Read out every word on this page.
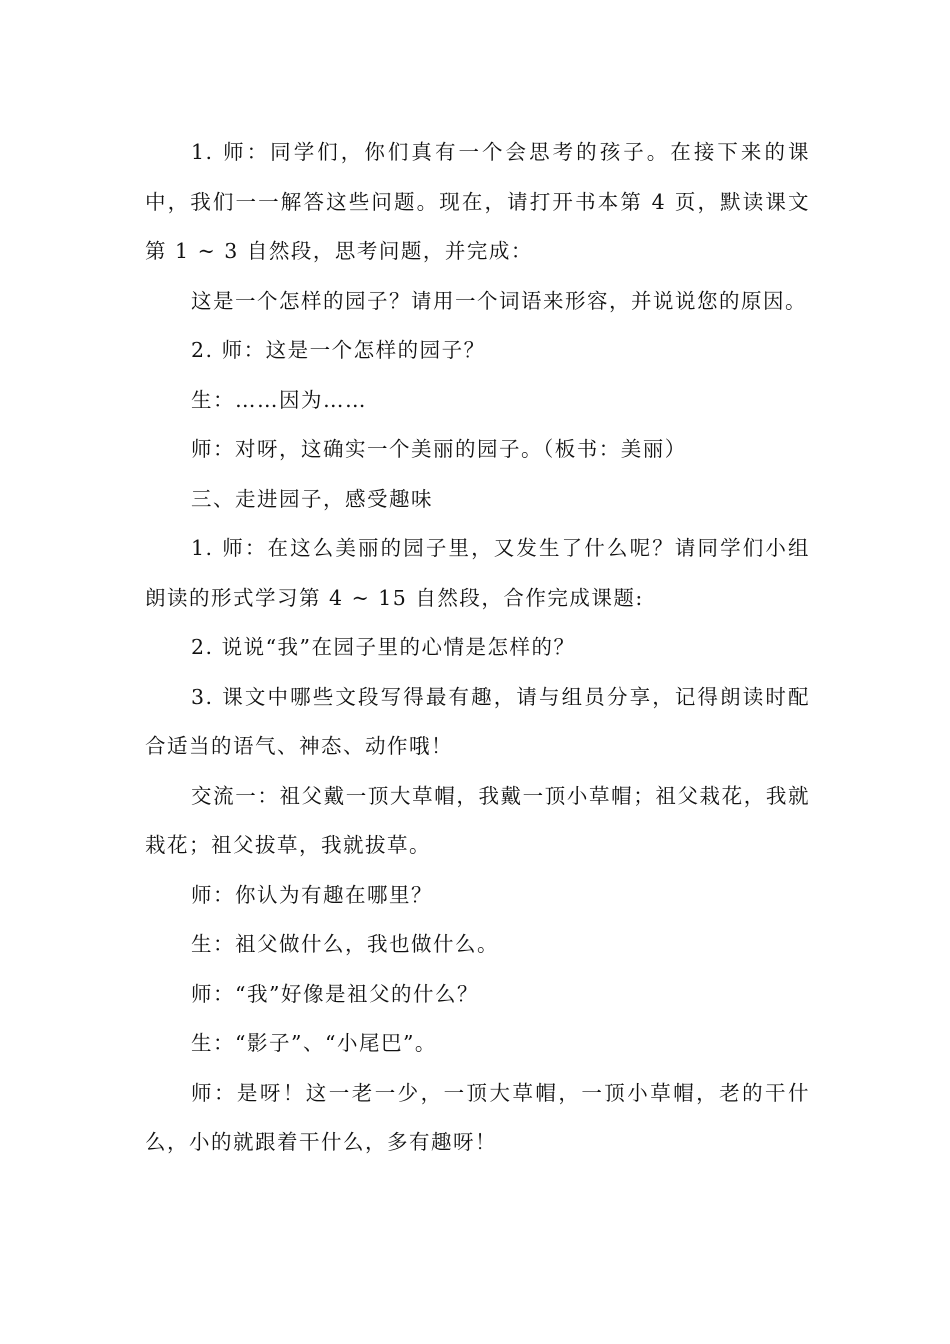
1. 师：同学们，你们真有一个会思考的孩子。在接下来的课中，我们一一解答这些问题。现在，请打开书本第 4 页，默读课文第 1 ~ 3 自然段，思考问题，并完成：

这是一个怎样的园子？请用一个词语来形容，并说说您的原因。

2. 师：这是一个怎样的园子？

生：……因为……

师：对呀，这确实一个美丽的园子。（板书：美丽）

三、走进园子，感受趣味

1. 师：在这么美丽的园子里，又发生了什么呢？请同学们小组朗读的形式学习第 4 ~ 15 自然段，合作完成课题:

2. 说说“我”在园子里的心情是怎样的？

3. 课文中哪些文段写得最有趣，请与组员分享，记得朗读时配合适当的语气、神态、动作哦！

交流一：祖父戴一顶大草帽，我戴一顶小草帽；祖父栽花，我就栽花；祖父拔草，我就拔草。

师：你认为有趣在哪里？

生：祖父做什么，我也做什么。

师：“我”好像是祖父的什么？

生：“影子”、“小尾巴”。

师：是呀！这一老一少，一顶大草帽，一顶小草帽，老的干什么，小的就跟着干什么，多有趣呀！
